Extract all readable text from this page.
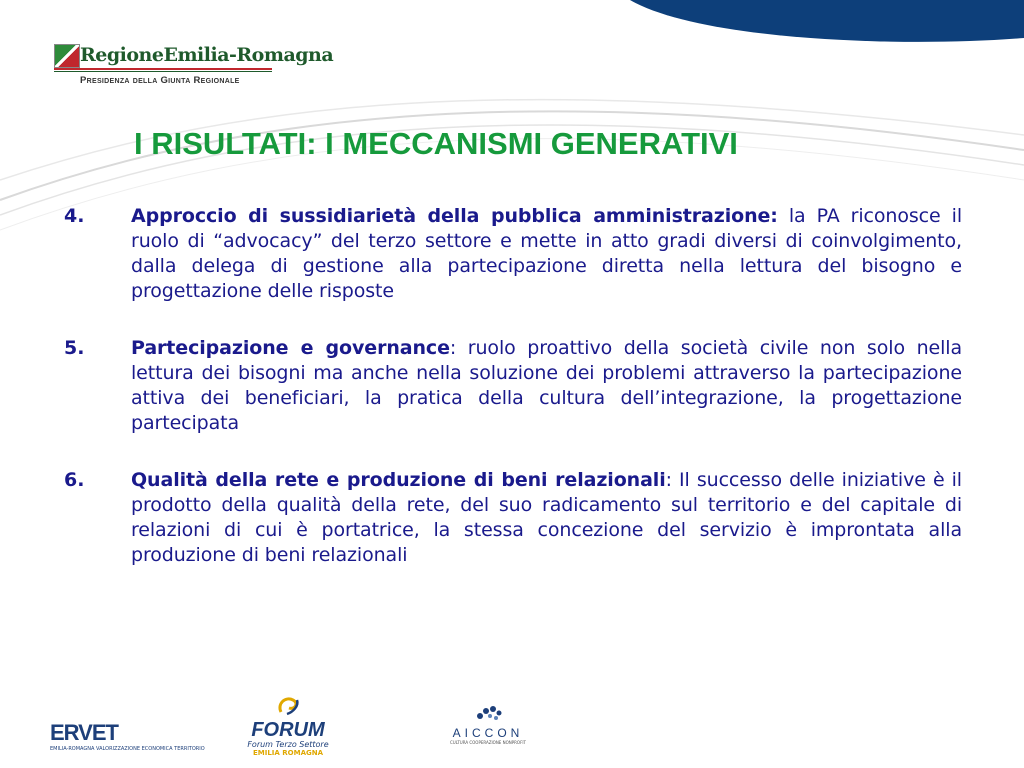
RegioneEmilia-Romagna
Presidenza della Giunta Regionale
I RISULTATI: I MECCANISMI GENERATIVI
4. Approccio di sussidiarietà della pubblica amministrazione: la PA riconosce il ruolo di “advocacy” del terzo settore e mette in atto gradi diversi di coinvolgimento, dalla delega di gestione alla partecipazione diretta nella lettura del bisogno e progettazione delle risposte
5. Partecipazione e governance: ruolo proattivo della società civile non solo nella lettura dei bisogni ma anche nella soluzione dei problemi attraverso la partecipazione attiva dei beneficiari, la pratica della cultura dell’integrazione, la progettazione partecipata
6. Qualità della rete e produzione di beni relazionali: Il successo delle iniziative è il prodotto della qualità della rete, del suo radicamento sul territorio e del capitale di relazioni di cui è portatrice, la stessa concezione del servizio è improntata alla produzione di beni relazionali
ERVET
EMILIA-ROMAGNA VALORIZZAZIONE ECONOMICA TERRITORIO
FORUM
Forum Terzo Settore
EMILIA ROMAGNA
AICCON
CULTURA COOPERAZIONE NONPROFIT
